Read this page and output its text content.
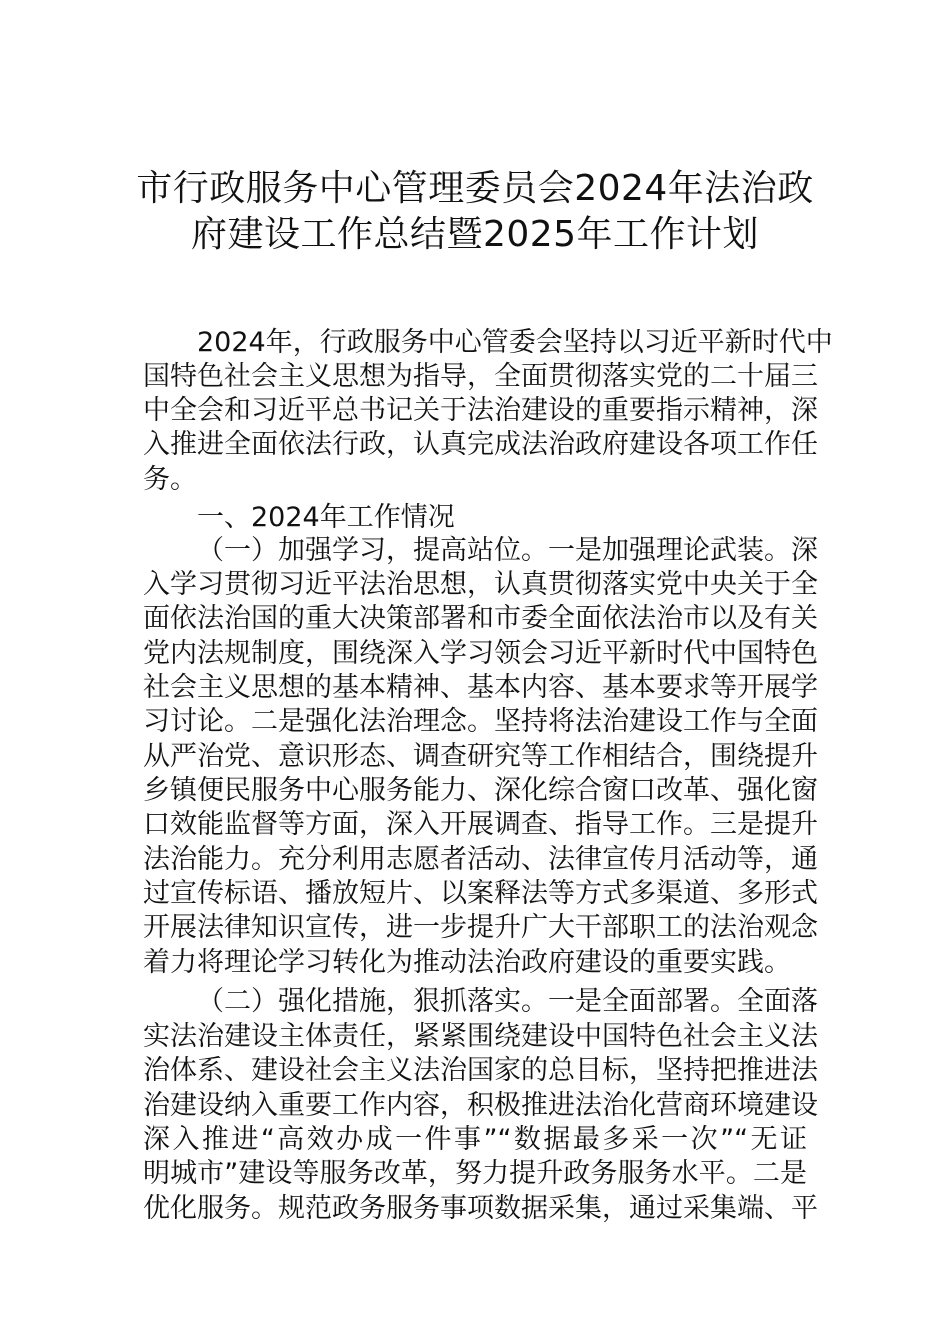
市行政服务中心管理委员会2024年法治政
府建设工作总结暨2025年工作计划
2024年，行政服务中心管委会坚持以习近平新时代中
国特色社会主义思想为指导，全面贯彻落实党的二十届三
中全会和习近平总书记关于法治建设的重要指示精神，深
入推进全面依法行政，认真完成法治政府建设各项工作任
务。
一、2024年工作情况
（一）加强学习，提高站位。一是加强理论武装。深
入学习贯彻习近平法治思想，认真贯彻落实党中央关于全
面依法治国的重大决策部署和市委全面依法治市以及有关
党内法规制度，围绕深入学习领会习近平新时代中国特色
社会主义思想的基本精神、基本内容、基本要求等开展学
习讨论。二是强化法治理念。坚持将法治建设工作与全面
从严治党、意识形态、调查研究等工作相结合，围绕提升
乡镇便民服务中心服务能力、深化综合窗口改革、强化窗
口效能监督等方面，深入开展调查、指导工作。三是提升
法治能力。充分利用志愿者活动、法律宣传月活动等，通
过宣传标语、播放短片、以案释法等方式多渠道、多形式
开展法律知识宣传，进一步提升广大干部职工的法治观念
着力将理论学习转化为推动法治政府建设的重要实践。
（二）强化措施，狠抓落实。一是全面部署。全面落
实法治建设主体责任，紧紧围绕建设中国特色社会主义法
治体系、建设社会主义法治国家的总目标，坚持把推进法
治建设纳入重要工作内容，积极推进法治化营商环境建设
深入推进“高效办成一件事”“数据最多采一次”“无证
明城市”建设等服务改革，努力提升政务服务水平。二是
优化服务。规范政务服务事项数据采集，通过采集端、平
